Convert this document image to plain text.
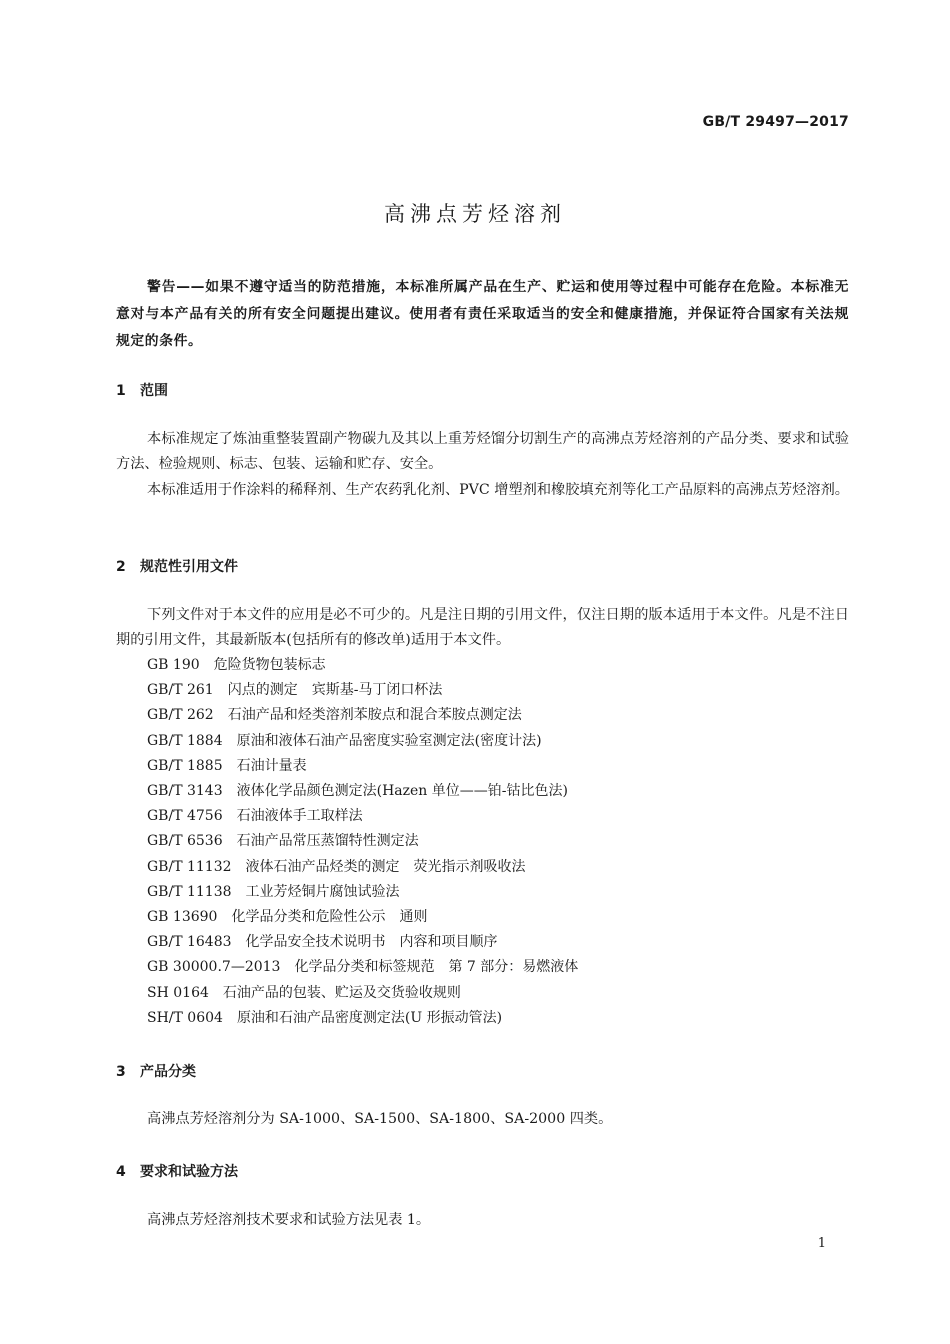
GB/T 29497—2017
高沸点芳烃溶剂

警告——如果不遵守适当的防范措施，本标准所属产品在生产、贮运和使用等过程中可能存在危险。本标准无意对与本产品有关的所有安全问题提出建议。使用者有责任采取适当的安全和健康措施，并保证符合国家有关法规规定的条件。

1 范围

本标准规定了炼油重整装置副产物碳九及其以上重芳烃馏分切割生产的高沸点芳烃溶剂的产品分类、要求和试验方法、检验规则、标志、包装、运输和贮存、安全。

本标准适用于作涂料的稀释剂、生产农药乳化剂、PVC 增塑剂和橡胶填充剂等化工产品原料的高沸点芳烃溶剂。

2 规范性引用文件

下列文件对于本文件的应用是必不可少的。凡是注日期的引用文件，仅注日期的版本适用于本文件。凡是不注日期的引用文件，其最新版本(包括所有的修改单)适用于本文件。

GB 190 危险货物包装标志
GB/T 261 闪点的测定　宾斯基-马丁闭口杯法
GB/T 262 石油产品和烃类溶剂苯胺点和混合苯胺点测定法
GB/T 1884 原油和液体石油产品密度实验室测定法(密度计法)
GB/T 1885 石油计量表
GB/T 3143 液体化学品颜色测定法(Hazen 单位——铂-钴比色法)
GB/T 4756 石油液体手工取样法
GB/T 6536 石油产品常压蒸馏特性测定法
GB/T 11132 液体石油产品烃类的测定　荧光指示剂吸收法
GB/T 11138 工业芳烃铜片腐蚀试验法
GB 13690 化学品分类和危险性公示　通则
GB/T 16483 化学品安全技术说明书　内容和项目顺序
GB 30000.7—2013 化学品分类和标签规范　第 7 部分：易燃液体
SH 0164 石油产品的包装、贮运及交货验收规则
SH/T 0604 原油和石油产品密度测定法(U 形振动管法)
3 产品分类

高沸点芳烃溶剂分为 SA-1000、SA-1500、SA-1800、SA-2000 四类。

4 要求和试验方法

高沸点芳烃溶剂技术要求和试验方法见表 1。

1
